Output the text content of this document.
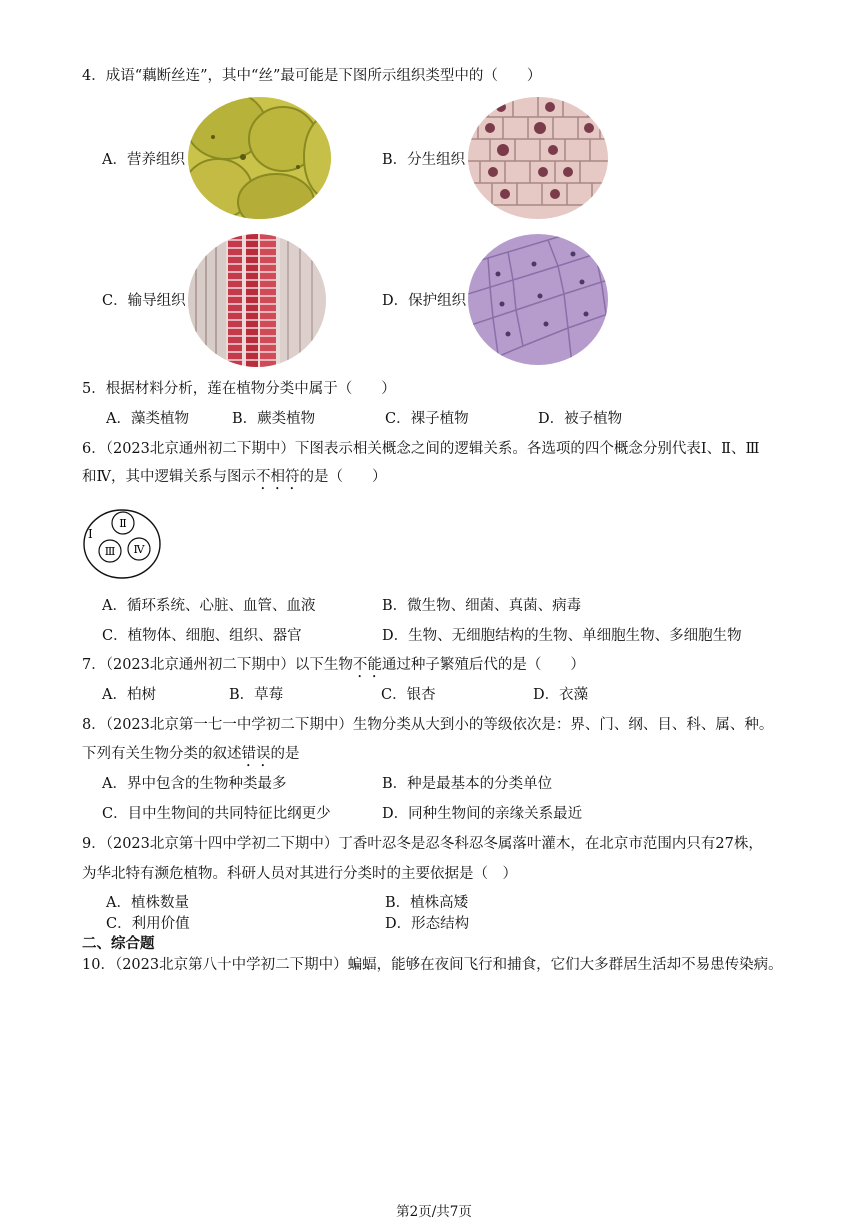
4．成语“藕断丝连”，其中“丝”最可能是下图所示组织类型中的（　　）
A．营养组织	B．分生组织
C．输导组织	D．保护组织
5．根据材料分析，莲在植物分类中属于（　　）
A．藻类植物	B．蕨类植物	C．裸子植物	D．被子植物
6．（2023北京通州初二下期中）下图表示相关概念之间的逻辑关系。各选项的四个概念分别代表Ⅰ、Ⅱ、Ⅲ
和Ⅳ，其中逻辑关系与图示不相符的是（　　）
Ⅰ
Ⅱ
Ⅲ Ⅳ
A．循环系统、心脏、血管、血液	B．微生物、细菌、真菌、病毒
C．植物体、细胞、组织、器官	D．生物、无细胞结构的生物、单细胞生物、多细胞生物
7．（2023北京通州初二下期中）以下生物不能通过种子繁殖后代的是（　　）
A．柏树	B．草莓	C．银杏	D．衣藻
8．（2023北京第一七一中学初二下期中）生物分类从大到小的等级依次是：界、门、纲、目、科、属、种。
下列有关生物分类的叙述错误的是
A．界中包含的生物种类最多	B．种是最基本的分类单位
C．目中生物间的共同特征比纲更少	D．同种生物间的亲缘关系最近
9．（2023北京第十四中学初二下期中）丁香叶忍冬是忍冬科忍冬属落叶灌木，在北京市范围内只有27株，
为华北特有濒危植物。科研人员对其进行分类时的主要依据是（　）
A．植株数量	B．植株高矮
C．利用价值	D．形态结构
二、综合题
10．（2023北京第八十中学初二下期中）蝙蝠，能够在夜间飞行和捕食，它们大多群居生活却不易患传染病。
第2页/共7页
